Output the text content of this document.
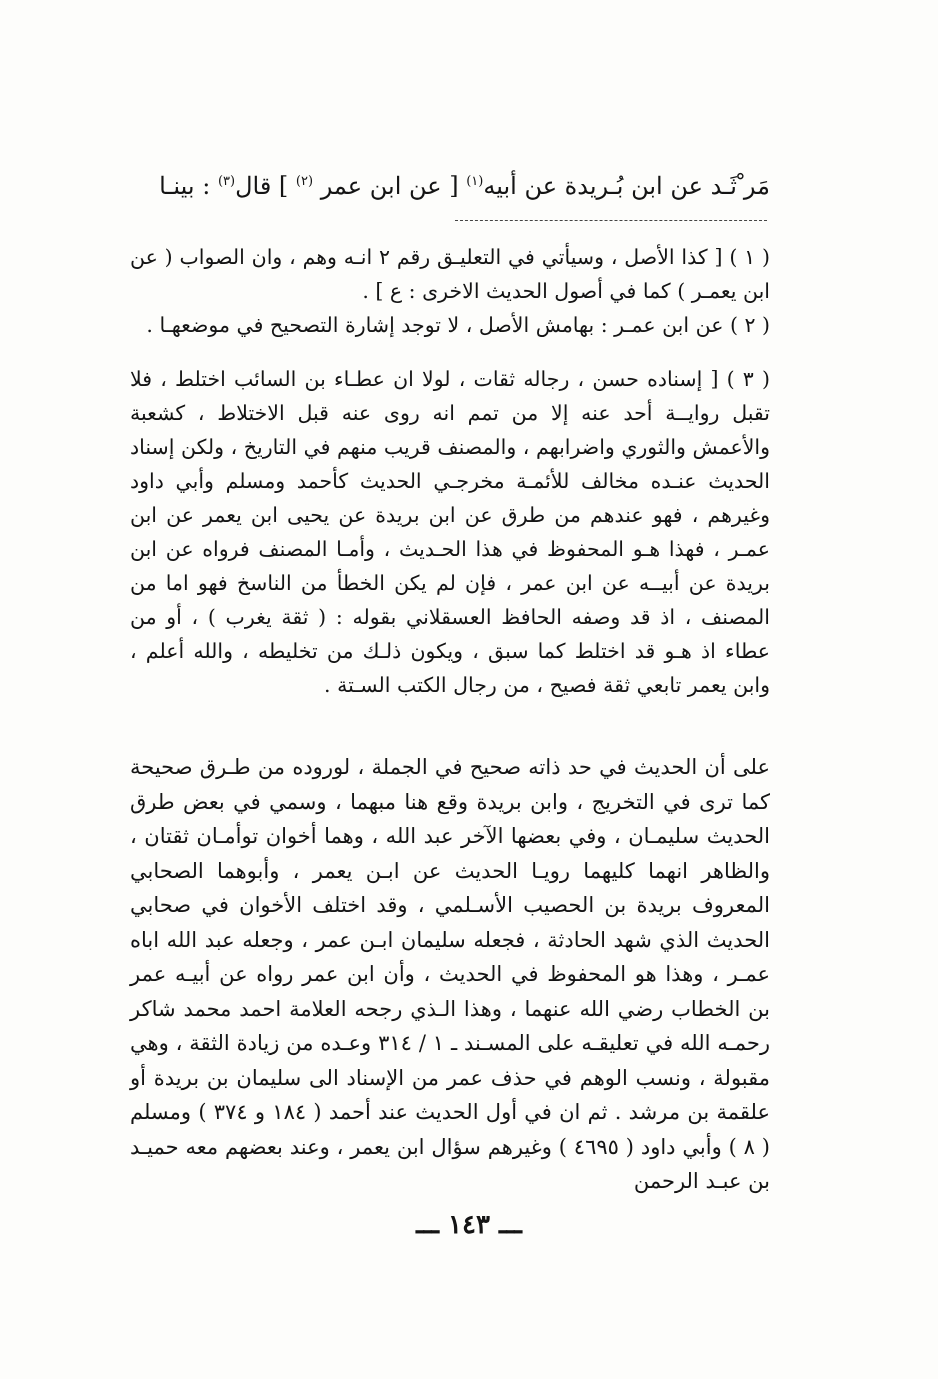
مَر ْثَـد عن ابن بُـريدة عن أبيه$^{(١)}$ [ عن ابن عمر $^{(٢)}$ ] قال$^{(٣)}$ : بينـا

( ١ ) [ كذا الأصل ، وسيأتي في التعليـق رقم ٢ انـه وهم ، وان الصواب ( عن ابن يعمـر ) كما في أصول الحديث الاخرى : ع ] .

( ٢ ) عن ابن عمـر : بهامش الأصل ، لا توجد إشارة التصحيح في موضعهـا .

( ٣ ) [ إسناده حسن ، رجاله ثقات ، لولا ان عطـاء بن السائب اختلط ، فلا تقبل روايــة أحد عنه إلا من تمم انه روى عنه قبل الاختلاط ، كشعبة والأعمش والثوري واضرابهم ، والمصنف قريب منهم في التاريخ ، ولكن إسناد الحديث عنـده مخالف للأئمـة مخرجـي الحديث كأحمد ومسلم وأبي داود وغيرهم ، فهو عندهم من طرق عن ابن بريدة عن يحيى ابن يعمر عن ابن عمـر ، فهذا هـو المحفوظ في هذا الحـديث ، وأمـا المصنف فرواه عن ابن بريدة عن أبيــه عن ابن عمر ، فإن لم يكن الخطأ من الناسخ فهو اما من المصنف ، اذ قد وصفه الحافظ العسقلاني بقوله : ( ثقة يغرب ) ، أو من عطاء اذ هـو قد اختلط كما سبق ، ويكون ذلـك من تخليطه ، والله أعلم ، وابن يعمر تابعي ثقة فصيح ، من رجال الكتب السـتة .

على أن الحديث في حد ذاته صحيح في الجملة ، لوروده من طـرق صحيحة كما ترى في التخريج ، وابن بريدة وقع هنا مبهما ، وسمي في بعض طرق الحديث سليمـان ، وفي بعضها الآخر عبد الله ، وهما أخوان توأمـان ثقتان ، والظاهر انهما كليهما رويـا الحديث عن ابـن يعمر ، وأبوهما الصحابي المعروف بريدة بن الحصيب الأسـلمي ، وقد اختلف الأخوان في صحابي الحديث الذي شهد الحادثة ، فجعله سليمان ابـن عمر ، وجعله عبد الله اباه عمـر ، وهذا هو المحفوظ في الحديث ، وأن ابن عمر رواه عن أبيـه عمر بن الخطاب رضي الله عنهما ، وهذا الـذي رجحه العلامة احمد محمد شاكر رحمـه الله في تعليقـه على المسـند ـ ١ / ٣١٤ وعـده من زيادة الثقة ، وهي مقبولة ، ونسب الوهم في حذف عمر من الإسناد الى سليمان بن بريدة أو علقمة بن مرشد . ثم ان في أول الحديث عند أحمد ( ١٨٤ و ٣٧٤ ) ومسلم ( ٨ ) وأبي داود ( ٤٦٩٥ ) وغيرهم سؤال ابن يعمر ، وعند بعضهم معه حميـد بن عبـد الرحمن

ـــ ١٤٣ ـــ
